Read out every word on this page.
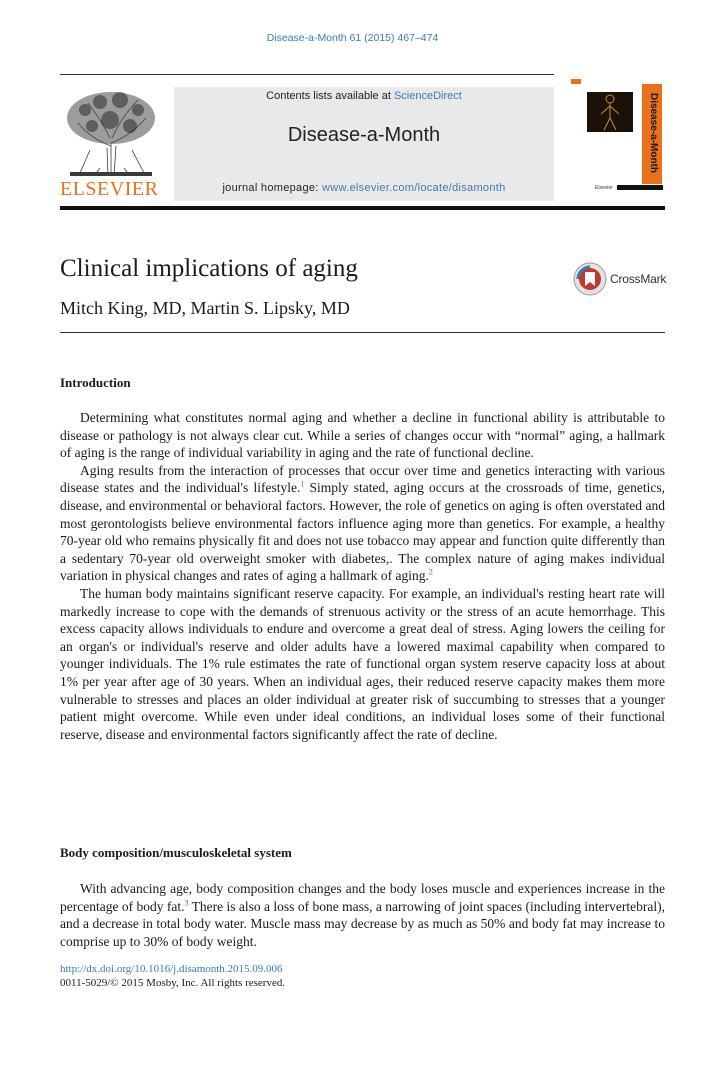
Disease-a-Month 61 (2015) 467–474
ELSEVIER
Contents lists available at ScienceDirect
Disease-a-Month
journal homepage: www.elsevier.com/locate/disamonth
Disease-a-Month
Elsevier
Clinical implications of aging
Mitch King, MD, Martin S. Lipsky, MD
CrossMark
Introduction

Determining what constitutes normal aging and whether a decline in functional ability is attributable to disease or pathology is not always clear cut. While a series of changes occur with “normal” aging, a hallmark of aging is the range of individual variability in aging and the rate of functional decline.

Aging results from the interaction of processes that occur over time and genetics interacting with various disease states and the individual's lifestyle.$^1$ Simply stated, aging occurs at the crossroads of time, genetics, disease, and environmental or behavioral factors. However, the role of genetics on aging is often overstated and most gerontologists believe environmental factors influence aging more than genetics. For example, a healthy 70-year old who remains physically fit and does not use tobacco may appear and function quite differently than a sedentary 70-year old overweight smoker with diabetes,. The complex nature of aging makes individual variation in physical changes and rates of aging a hallmark of aging.$^2$

The human body maintains significant reserve capacity. For example, an individual's resting heart rate will markedly increase to cope with the demands of strenuous activity or the stress of an acute hemorrhage. This excess capacity allows individuals to endure and overcome a great deal of stress. Aging lowers the ceiling for an organ's or individual's reserve and older adults have a lowered maximal capability when compared to younger individuals. The 1% rule estimates the rate of functional organ system reserve capacity loss at about 1% per year after age of 30 years. When an individual ages, their reduced reserve capacity makes them more vulnerable to stresses and places an older individual at greater risk of succumbing to stresses that a younger patient might overcome. While even under ideal conditions, an individual loses some of their functional reserve, disease and environmental factors significantly affect the rate of decline.

Body composition/musculoskeletal system

With advancing age, body composition changes and the body loses muscle and experiences increase in the percentage of body fat.$^3$ There is also a loss of bone mass, a narrowing of joint spaces (including intervertebral), and a decrease in total body water. Muscle mass may decrease by as much as 50% and body fat may increase to comprise up to 30% of body weight.

http://dx.doi.org/10.1016/j.disamonth.2015.09.006
0011-5029/© 2015 Mosby, Inc. All rights reserved.
